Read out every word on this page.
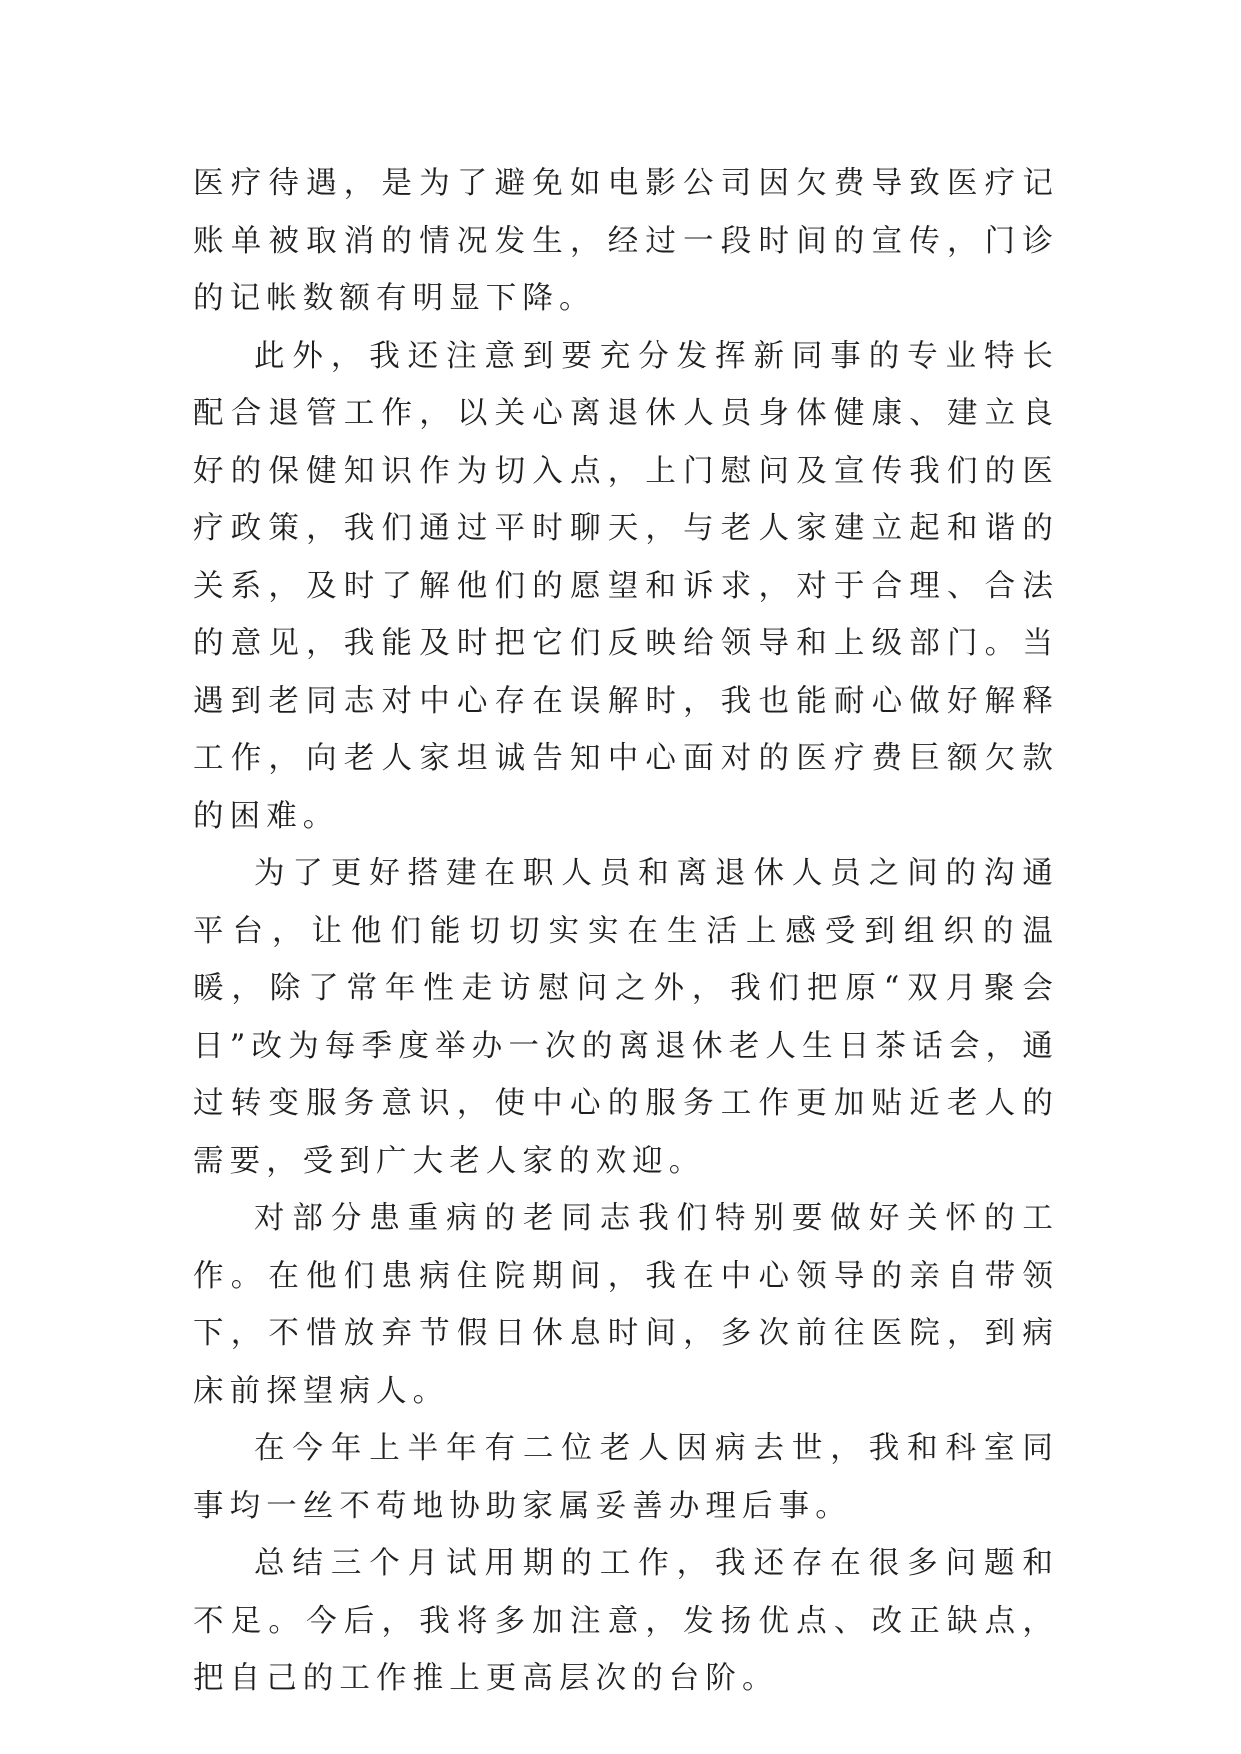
医疗待遇，是为了避免如电影公司因欠费导致医疗记账单被取消的情况发生，经过一段时间的宣传，门诊的记帐数额有明显下降。

此外，我还注意到要充分发挥新同事的专业特长配合退管工作，以关心离退休人员身体健康、建立良好的保健知识作为切入点，上门慰问及宣传我们的医疗政策，我们通过平时聊天，与老人家建立起和谐的关系，及时了解他们的愿望和诉求，对于合理、合法的意见，我能及时把它们反映给领导和上级部门。当遇到老同志对中心存在误解时，我也能耐心做好解释工作，向老人家坦诚告知中心面对的医疗费巨额欠款的困难。

为了更好搭建在职人员和离退休人员之间的沟通平台，让他们能切切实实在生活上感受到组织的温暖，除了常年性走访慰问之外，我们把原“双月聚会日”改为每季度举办一次的离退休老人生日茶话会，通过转变服务意识，使中心的服务工作更加贴近老人的需要，受到广大老人家的欢迎。

对部分患重病的老同志我们特别要做好关怀的工作。在他们患病住院期间，我在中心领导的亲自带领下，不惜放弃节假日休息时间，多次前往医院，到病床前探望病人。

在今年上半年有二位老人因病去世，我和科室同事均一丝不苟地协助家属妥善办理后事。

总结三个月试用期的工作，我还存在很多问题和不足。今后，我将多加注意，发扬优点、改正缺点，把自己的工作推上更高层次的台阶。
